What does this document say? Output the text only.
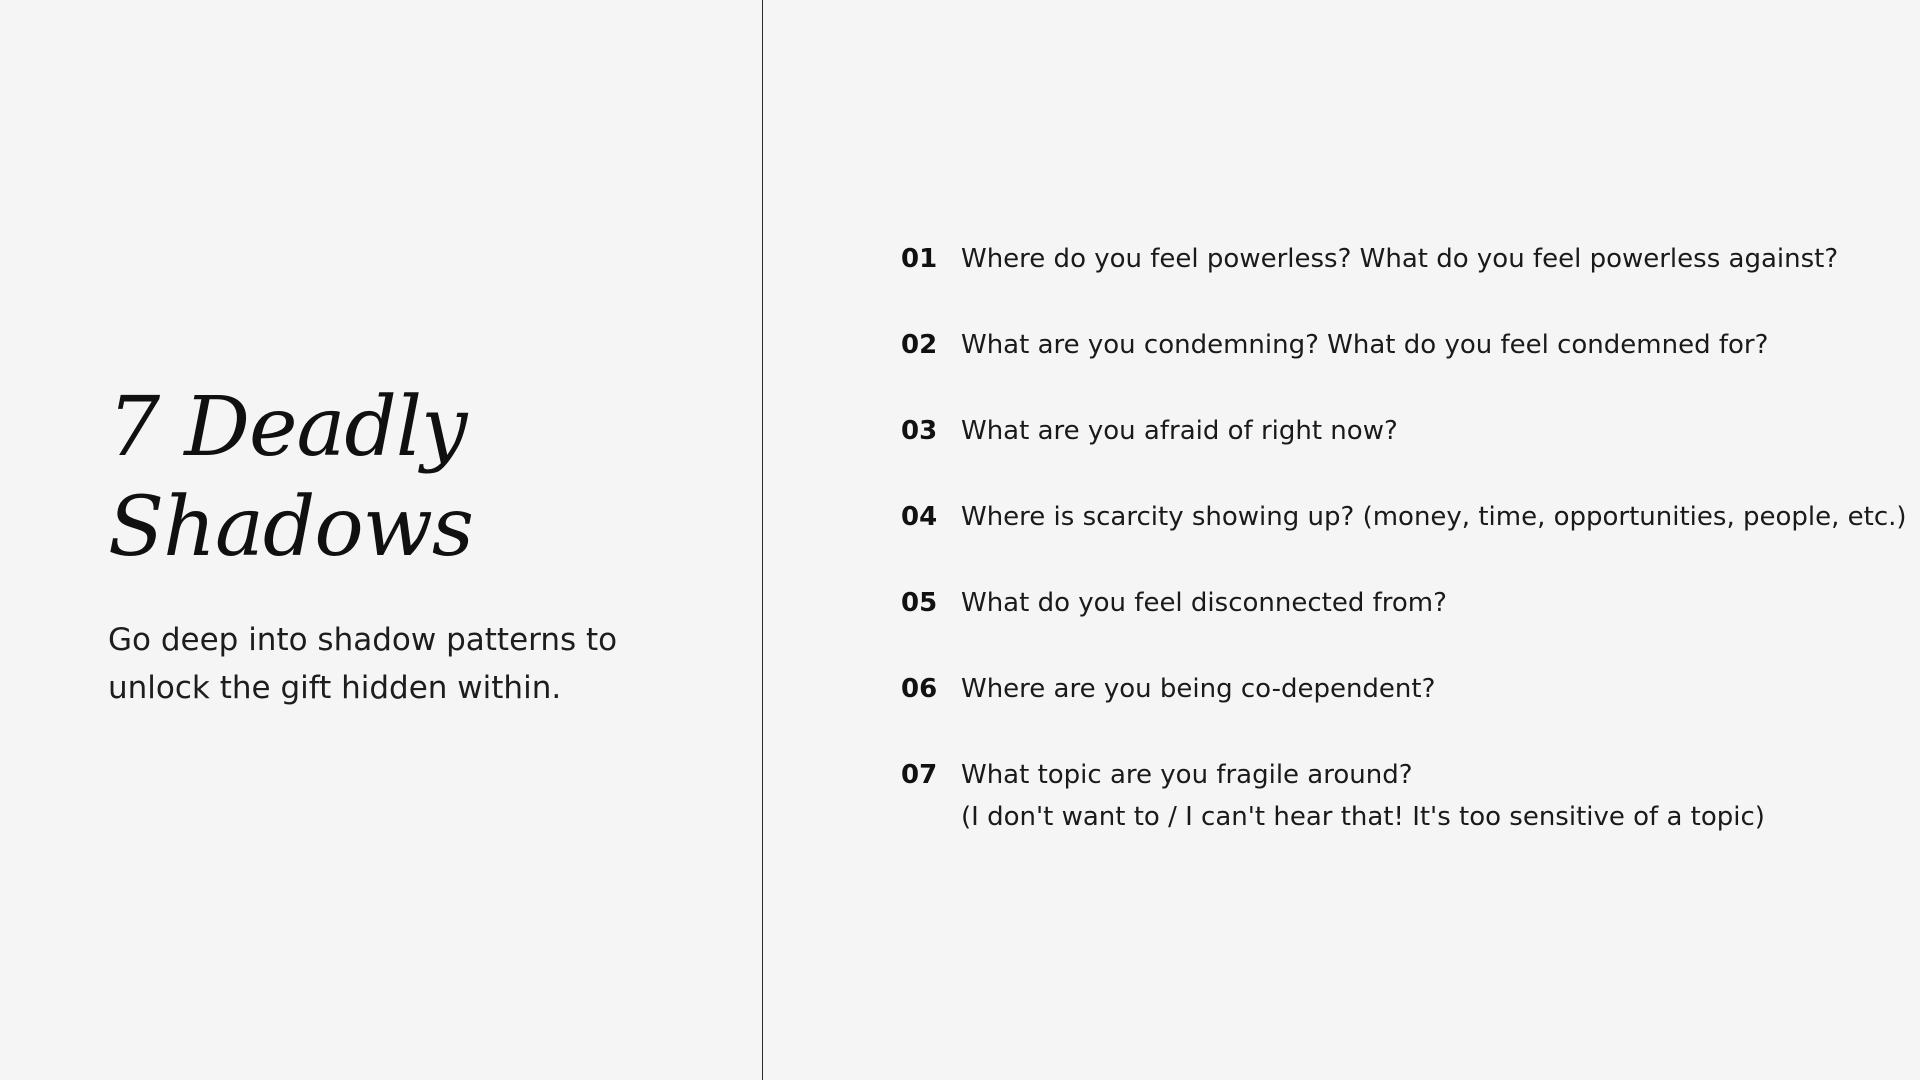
7 Deadly
Shadows

Go deep into shadow patterns to
unlock the gift hidden within.

01 Where do you feel powerless? What do you feel powerless against?
02 What are you condemning? What do you feel condemned for?
03 What are you afraid of right now?
04 Where is scarcity showing up? (money, time, opportunities, people, etc.)
05 What do you feel disconnected from?
06 Where are you being co-dependent?
07 What topic are you fragile around?
(I don't want to / I can't hear that! It's too sensitive of a topic)
